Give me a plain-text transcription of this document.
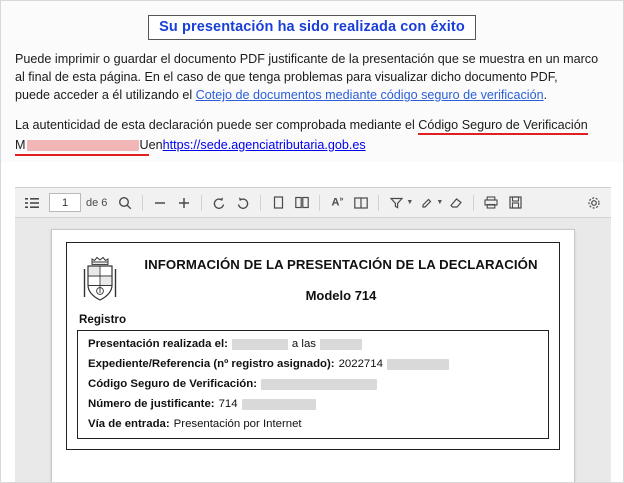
Su presentación ha sido realizada con éxito
Puede imprimir o guardar el documento PDF justificante de la presentación que se muestra en un marco
al final de esta página. En el caso de que tenga problemas para visualizar dicho documento PDF,
puede acceder a él utilizando el Cotejo de documentos mediante código seguro de verificación.
La autenticidad de esta declaración puede ser comprobada mediante el Código Seguro de Verificación
M	U en https://sede.agenciatributaria.gob.es
1
de 6	A»	▼	▼
INFORMACIÓN DE LA PRESENTACIÓN DE LA DECLARACIÓN
Modelo 714
Registro
Presentación realizada el:	a las
Expediente/Referencia (nº registro asignado): 2022714
Código Seguro de Verificación:
Número de justificante: 714
Vía de entrada: Presentación por Internet
